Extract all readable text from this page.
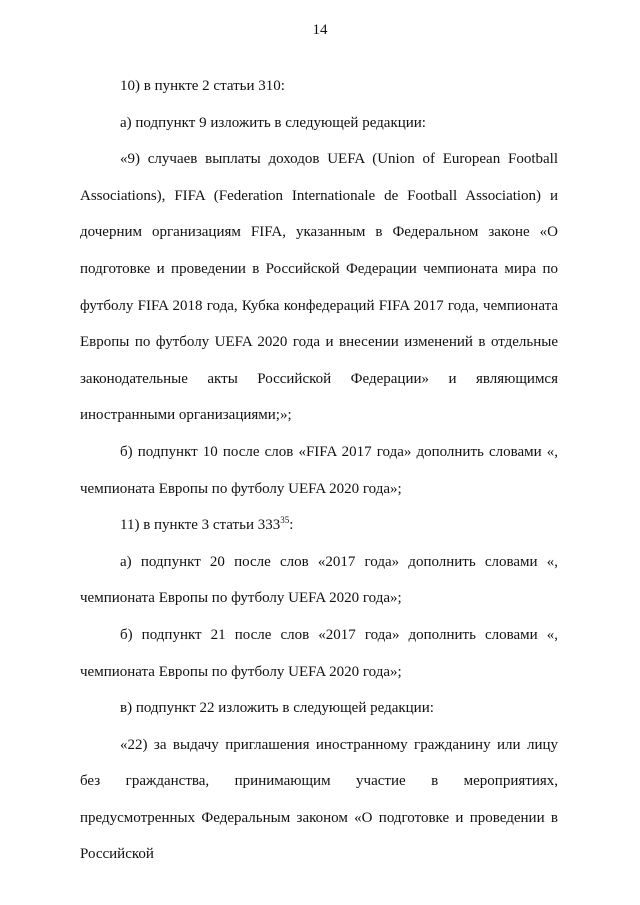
14

10) в пункте 2 статьи 310:

а) подпункт 9 изложить в следующей редакции:

«9) случаев выплаты доходов UEFA (Union of European Football Associations), FIFA (Federation Internationale de Football Association) и дочерним организациям FIFA, указанным в Федеральном законе «О подготовке и проведении в Российской Федерации чемпионата мира по футболу FIFA 2018 года, Кубка конфедераций FIFA 2017 года, чемпионата Европы по футболу UEFA 2020 года и внесении изменений в отдельные законодательные акты Российской Федерации» и являющимся иностранными организациями;»;

б) подпункт 10 после слов «FIFA 2017 года» дополнить словами «, чемпионата Европы по футболу UEFA 2020 года»;

11) в пункте 3 статьи $333^{35}$:

а) подпункт 20 после слов «2017 года» дополнить словами «, чемпионата Европы по футболу UEFA 2020 года»;

б) подпункт 21 после слов «2017 года» дополнить словами «, чемпионата Европы по футболу UEFA 2020 года»;

в) подпункт 22 изложить в следующей редакции:

«22) за выдачу приглашения иностранному гражданину или лицу без гражданства, принимающим участие в мероприятиях, предусмотренных Федеральным законом «О подготовке и проведении в Российской
